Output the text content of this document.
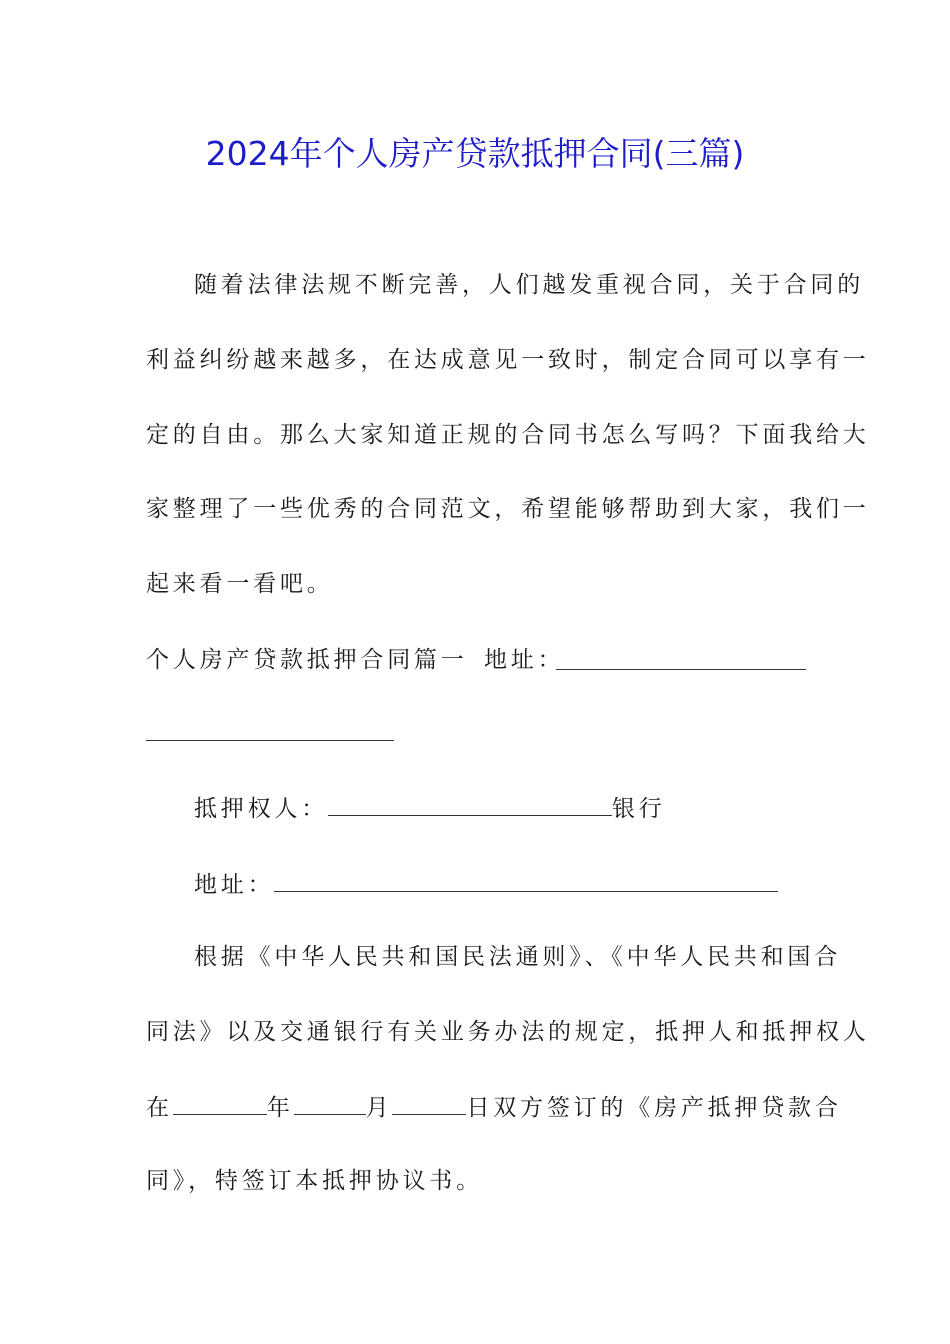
2024年个人房产贷款抵押合同(三篇)
随着法律法规不断完善，人们越发重视合同，关于合同的
利益纠纷越来越多，在达成意见一致时，制定合同可以享有一
定的自由。那么大家知道正规的合同书怎么写吗？下面我给大
家整理了一些优秀的合同范文，希望能够帮助到大家，我们一
起来看一看吧。
个人房产贷款抵押合同篇一 地址：
抵押权人：	银行
地址：
根据《中华人民共和国民法通则》、《中华人民共和国合
同法》以及交通银行有关业务办法的规定，抵押人和抵押权人
在	年	月	日双方签订的《房产抵押贷款合
同》，特签订本抵押协议书。
